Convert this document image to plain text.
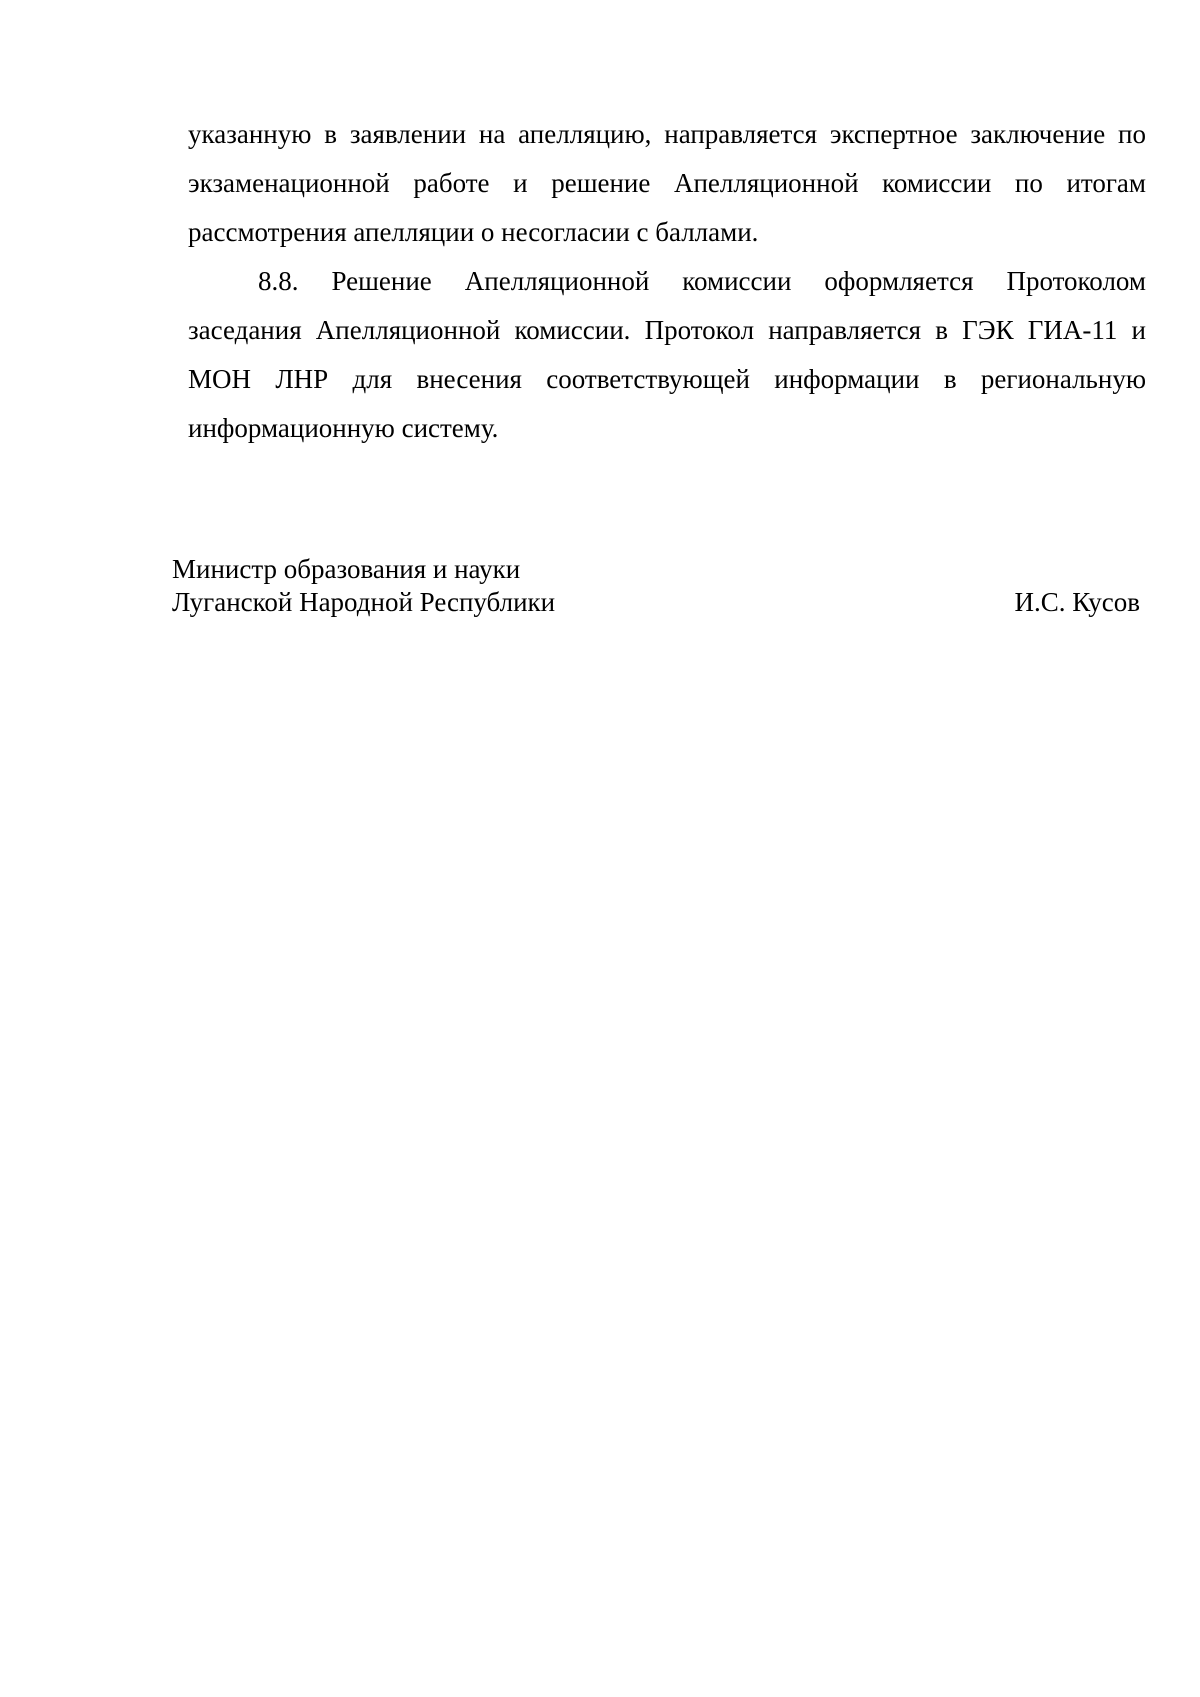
указанную в заявлении на апелляцию, направляется экспертное заключение по
экзаменационной работе и решение Апелляционной комиссии по итогам
рассмотрения апелляции о несогласии с баллами.

8.8. Решение Апелляционной комиссии оформляется Протоколом
заседания Апелляционной комиссии. Протокол направляется в ГЭК ГИА-11 и
МОН ЛНР для внесения соответствующей информации в региональную
информационную систему.

Министр образования и науки
Луганской Народной Республики	И.С. Кусов
